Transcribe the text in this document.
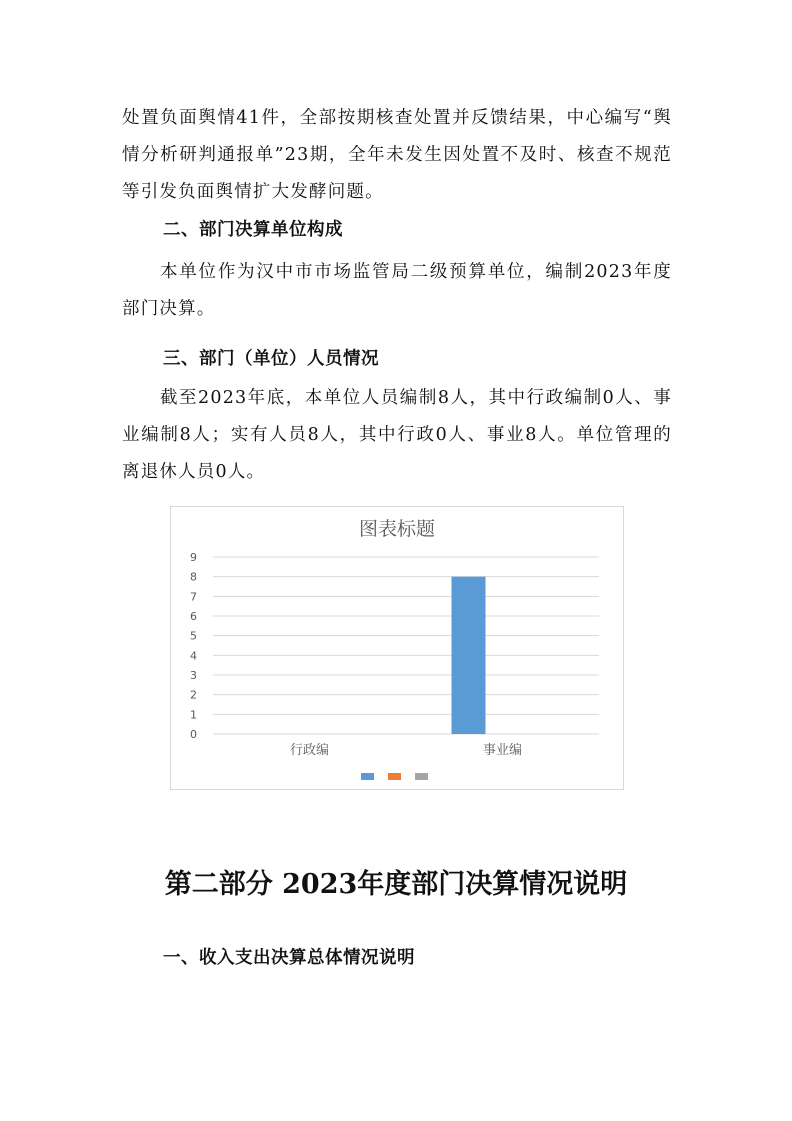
处置负面舆情41件，全部按期核查处置并反馈结果，中心编写“舆情分析研判通报单”23期，全年未发生因处置不及时、核查不规范等引发负面舆情扩大发酵问题。

二、部门决算单位构成

本单位作为汉中市市场监管局二级预算单位，编制2023年度部门决算。

三、部门（单位）人员情况

截至2023年底，本单位人员编制8人，其中行政编制0人、事业编制8人；实有人员8人，其中行政0人、事业8人。单位管理的离退休人员0人。

图表标题
0
1
2
3
4
5
6
7
8
9
行政编	事业编
第二部分 2023年度部门决算情况说明
一、收入支出决算总体情况说明
